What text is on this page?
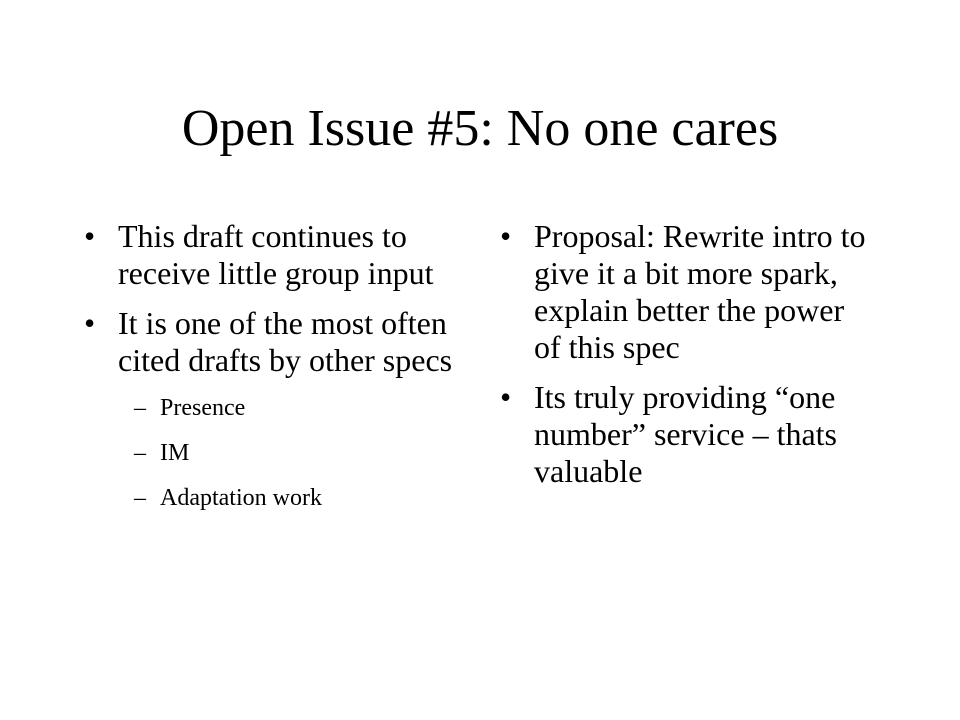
Open Issue #5: No one cares
• This draft continues to receive little group input
• It is one of the most often cited drafts by other specs
– Presence
– IM
– Adaptation work
• Proposal: Rewrite intro to give it a bit more spark, explain better the power of this spec
• Its truly providing “one number” service – thats valuable
